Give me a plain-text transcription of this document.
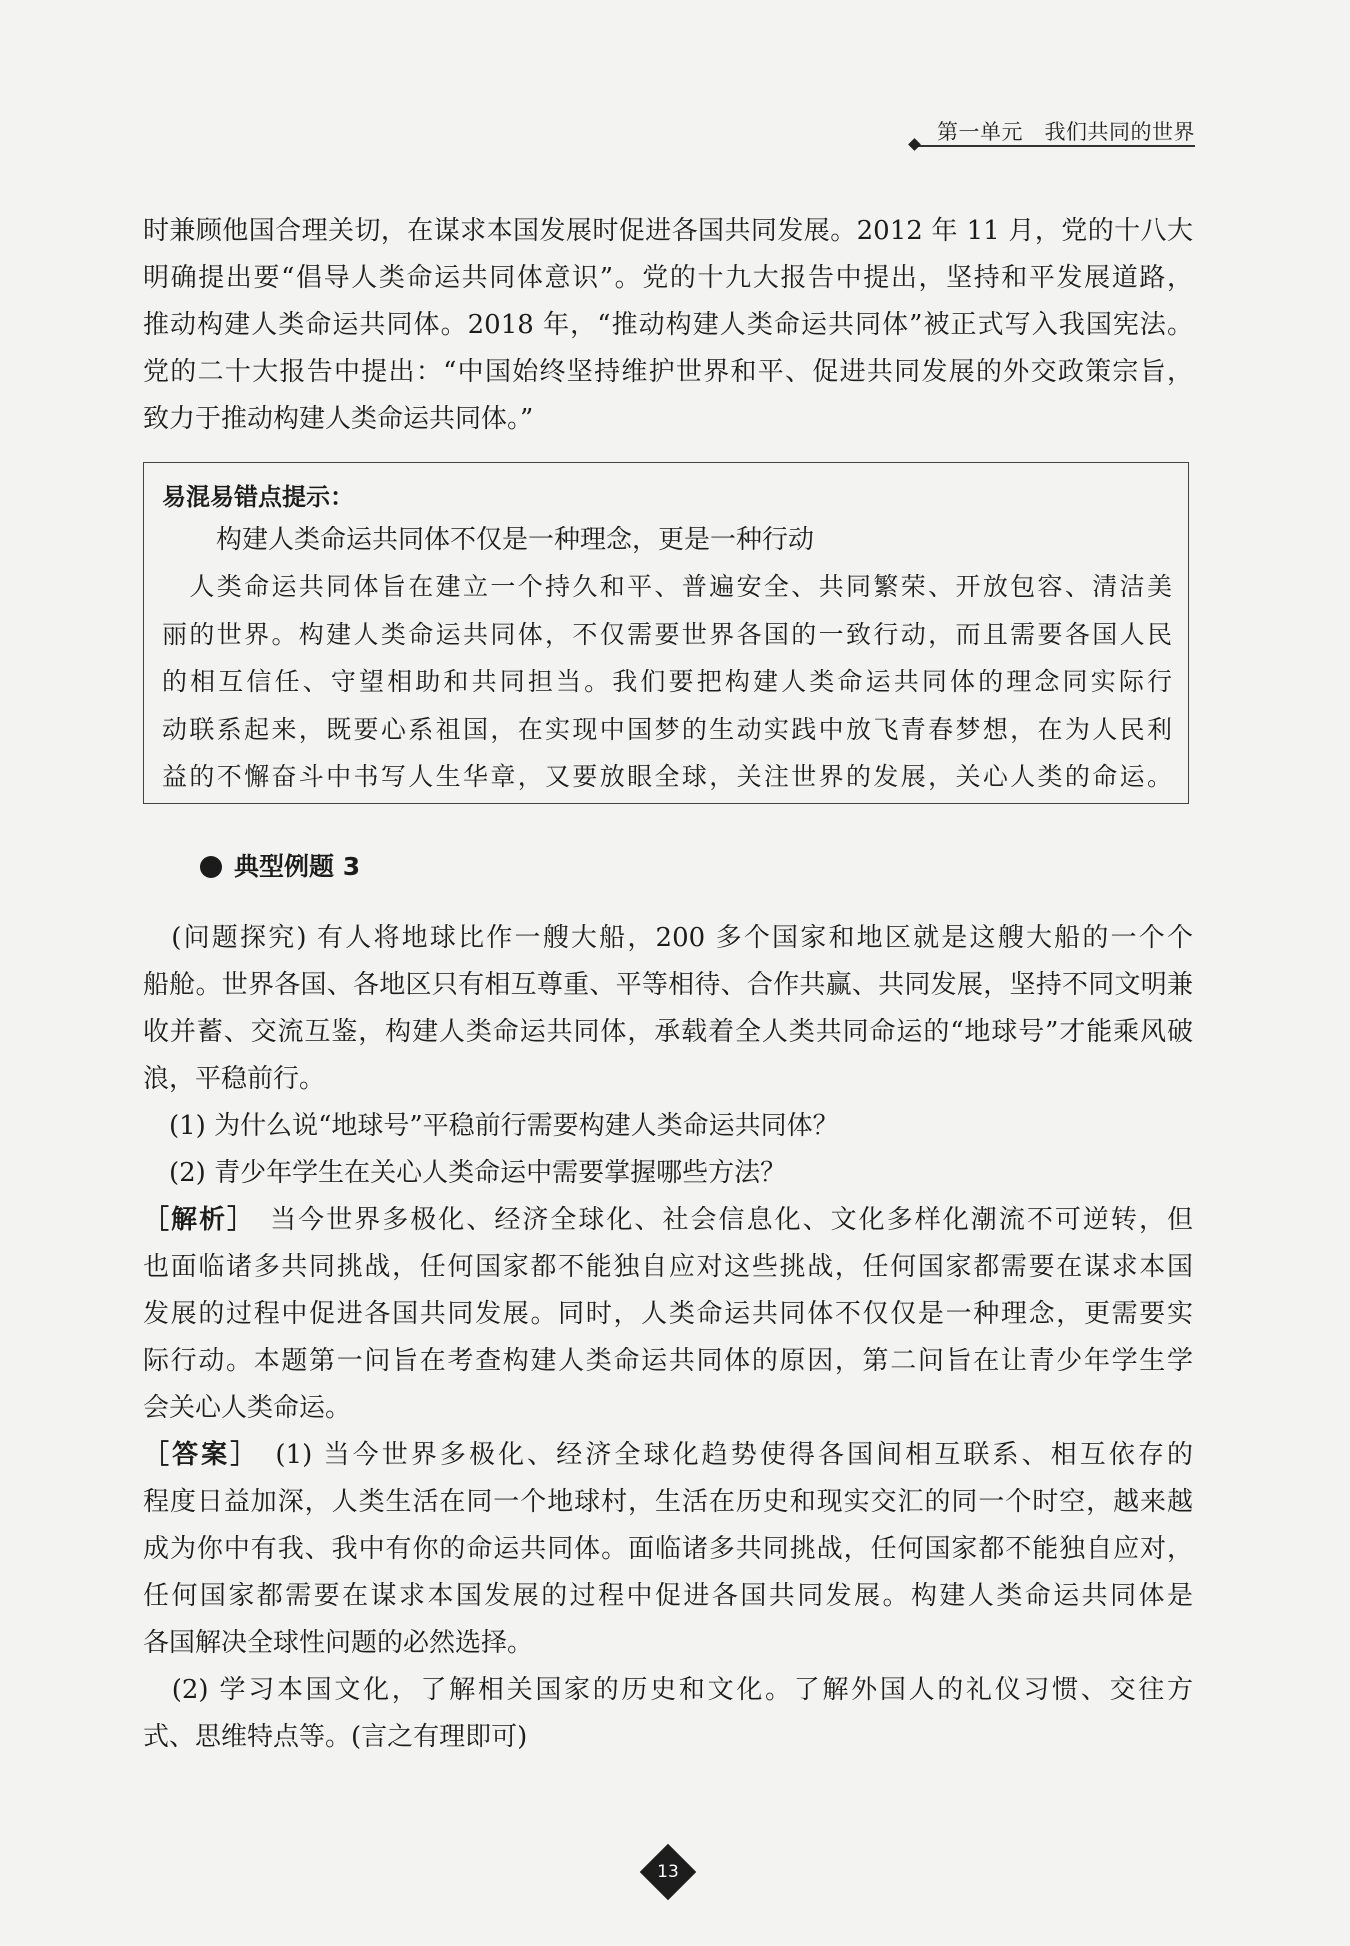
第一单元　我们共同的世界
时兼顾他国合理关切，在谋求本国发展时促进各国共同发展。2012 年 11 月，党的十八大
明确提出要“倡导人类命运共同体意识”。党的十九大报告中提出，坚持和平发展道路，
推动构建人类命运共同体。2018 年，“推动构建人类命运共同体”被正式写入我国宪法。
党的二十大报告中提出：“中国始终坚持维护世界和平、促进共同发展的外交政策宗旨，
致力于推动构建人类命运共同体。”
易混易错点提示：
构建人类命运共同体不仅是一种理念，更是一种行动
　人类命运共同体旨在建立一个持久和平、普遍安全、共同繁荣、开放包容、清洁美
丽的世界。构建人类命运共同体，不仅需要世界各国的一致行动，而且需要各国人民
的相互信任、守望相助和共同担当。我们要把构建人类命运共同体的理念同实际行
动联系起来，既要心系祖国，在实现中国梦的生动实践中放飞青春梦想，在为人民利
益的不懈奋斗中书写人生华章，又要放眼全球，关注世界的发展，关心人类的命运。
典型例题 3
　(问题探究) 有人将地球比作一艘大船，200 多个国家和地区就是这艘大船的一个个
船舱。世界各国、各地区只有相互尊重、平等相待、合作共赢、共同发展，坚持不同文明兼
收并蓄、交流互鉴，构建人类命运共同体，承载着全人类共同命运的“地球号”才能乘风破
浪，平稳前行。
　(1) 为什么说“地球号”平稳前行需要构建人类命运共同体？
　(2) 青少年学生在关心人类命运中需要掌握哪些方法？
［解析］　当今世界多极化、经济全球化、社会信息化、文化多样化潮流不可逆转，但
也面临诸多共同挑战，任何国家都不能独自应对这些挑战，任何国家都需要在谋求本国
发展的过程中促进各国共同发展。同时，人类命运共同体不仅仅是一种理念，更需要实
际行动。本题第一问旨在考查构建人类命运共同体的原因，第二问旨在让青少年学生学
会关心人类命运。
［答案］　(1) 当今世界多极化、经济全球化趋势使得各国间相互联系、相互依存的
程度日益加深，人类生活在同一个地球村，生活在历史和现实交汇的同一个时空，越来越
成为你中有我、我中有你的命运共同体。面临诸多共同挑战，任何国家都不能独自应对，
任何国家都需要在谋求本国发展的过程中促进各国共同发展。构建人类命运共同体是
各国解决全球性问题的必然选择。
　(2) 学习本国文化，了解相关国家的历史和文化。了解外国人的礼仪习惯、交往方
式、思维特点等。(言之有理即可)
13
